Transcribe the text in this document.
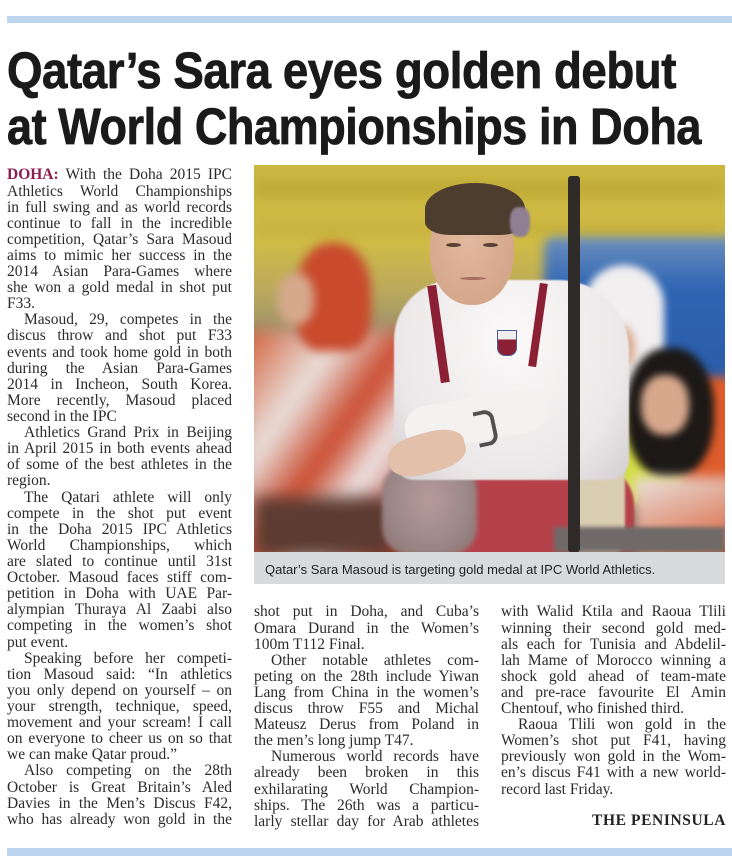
Qatar’s Sara eyes golden debut
at World Championships in Doha
DOHA: With the Doha 2015 IPC
Athletics World Championships
in full swing and as world records
continue to fall in the incredible
competition, Qatar’s Sara Masoud
aims to mimic her success in the
2014 Asian Para-Games where
she won a gold medal in shot put
F33.
Masoud, 29, competes in the
discus throw and shot put F33
events and took home gold in both
during the Asian Para-Games
2014 in Incheon, South Korea.
More recently, Masoud placed
second in the IPC
Athletics Grand Prix in Beijing
in April 2015 in both events ahead
of some of the best athletes in the
region.
The Qatari athlete will only
compete in the shot put event
in the Doha 2015 IPC Athletics
World Championships, which
are slated to continue until 31st
October. Masoud faces stiff com-
petition in Doha with UAE Par-
alympian Thuraya Al Zaabi also
competing in the women’s shot
put event.
Speaking before her competi-
tion Masoud said: “In athletics
you only depend on yourself – on
your strength, technique, speed,
movement and your scream! I call
on everyone to cheer us on so that
we can make Qatar proud.”
Also competing on the 28th
October is Great Britain’s Aled
Davies in the Men’s Discus F42,
who has already won gold in the
Qatar’s Sara Masoud is targeting gold medal at IPC World Athletics.
shot put in Doha, and Cuba’s
Omara Durand in the Women’s
100m T112 Final.
Other notable athletes com-
peting on the 28th include Yiwan
Lang from China in the women’s
discus throw F55 and Michal
Mateusz Derus from Poland in
the men’s long jump T47.
Numerous world records have
already been broken in this
exhilarating World Champion-
ships. The 26th was a particu-
larly stellar day for Arab athletes
with Walid Ktila and Raoua Tlili
winning their second gold med-
als each for Tunisia and Abdelil-
lah Mame of Morocco winning a
shock gold ahead of team-mate
and pre-race favourite El Amin
Chentouf, who finished third.
Raoua Tlili won gold in the
Women’s shot put F41, having
previously won gold in the Wom-
en’s discus F41 with a new world-
record last Friday.
THE PENINSULA
